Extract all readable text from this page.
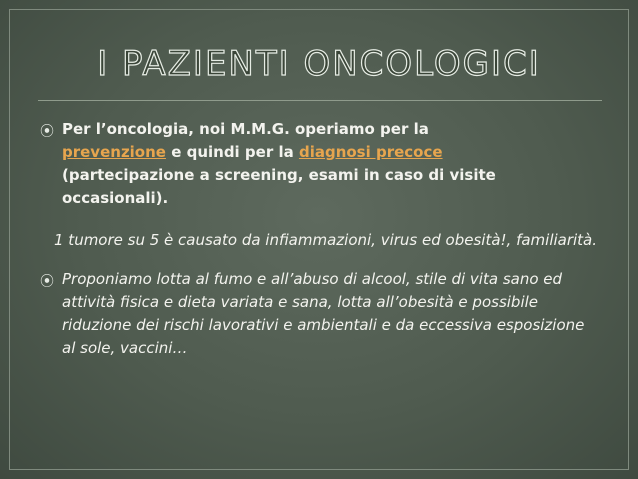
I PAZIENTI ONCOLOGICI
⦿ Per l’oncologia, noi M.M.G. operiamo per la
prevenzione e quindi per la diagnosi precoce
(partecipazione a screening, esami in caso di visite occasionali).

1 tumore su 5 è causato da infiammazioni, virus ed obesità!, familiarità.

⦿ Proponiamo lotta al fumo e all’abuso di alcool, stile di vita sano ed attività fisica e dieta variata e sana, lotta all’obesità e possibile riduzione dei rischi lavorativi e ambientali e da eccessiva esposizione al sole, vaccini…
